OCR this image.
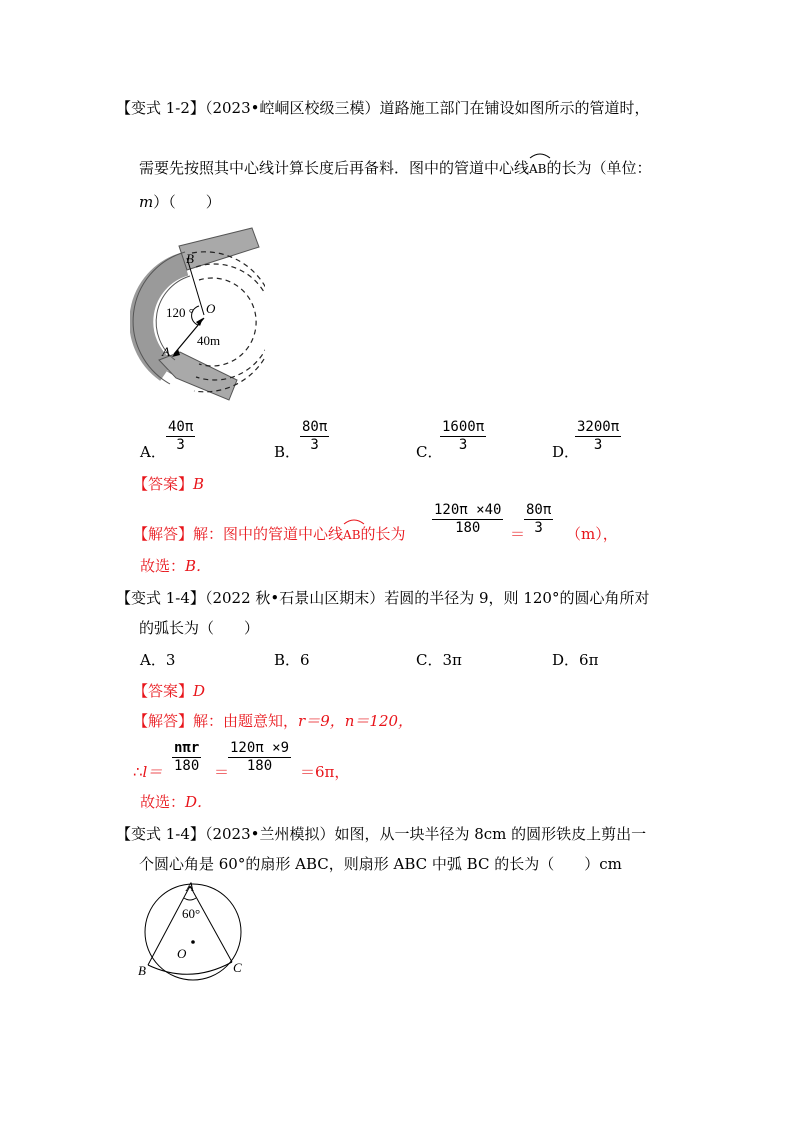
【变式 1-2】（2023•崆峒区校级三模）道路施工部门在铺设如图所示的管道时，
需要先按照其中心线计算长度后再备料．图中的管道中心线
AB的长为（单位：
m）（　　）
B
O
A
120 °
40m
A． $\frac{40\pi}{3}$	B． $\frac{80\pi}{3}$	C．
$\frac{1600\pi}{3}$	D．
$\frac{3200\pi}{3}$
【答案】B
【解答】解：图中的管道中心线
AB的长为 $\frac{120\pi \times 40}{180}$ ＝
$\frac{80\pi}{3} (m)$，
故选：B．
【变式 1-4】（2022 秋•石景山区期末）若圆的半径为 9，则 120°的圆心角所对
的弧长为（　　）
A．3	B．6	C．3π	D．6π
【答案】D
【解答】解：由题意知，r＝9，n＝120，
∴l＝
nπr
180 ＝
$\frac{120\pi \times 9}{180} =6\pi$，
故选：D．
【变式 1-4】（2023•兰州模拟）如图，从一块半径为 8cm 的圆形铁皮上剪出一
个圆心角是 60°的扇形 ABC，则扇形 ABC 中弧 BC 的长为（　　）cm
A
B	C
O
60°
